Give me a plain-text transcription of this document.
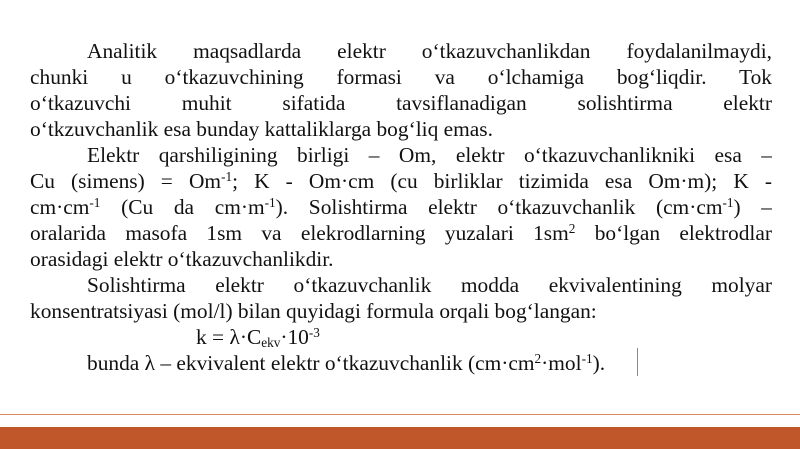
Analitik maqsadlarda elektr o‘tkazuvchanlikdan foydalanilmaydi,
chunki u o‘tkazuvchining formasi va o‘lchamiga bog‘liqdir. Tok
o‘tkazuvchi muhit sifatida tavsiflanadigan solishtirma elektr
o‘tkzuvchanlik esa bunday kattaliklarga bog‘liq emas.
Elektr qarshiligining birligi – Om, elektr o‘tkazuvchanlikniki esa –
Cu (simens) = $Om^{-1}$; K - Om·cm (cu birliklar tizimida esa Om·m); K -
$cm\cdot cm^{-1}$ (Cu da $cm\cdot m^{-1}$). Solishtirma elektr o‘tkazuvchanlik $(cm\cdot cm^{-1})$ –
oralarida masofa 1sm va elekrodlarning yuzalari $1sm^2$ bo‘lgan elektrodlar
orasidagi elektr o‘tkazuvchanlikdir.
Solishtirma elektr o‘tkazuvchanlik modda ekvivalentining molyar
konsentratsiyasi (mol/l) bilan quyidagi formula orqali bog‘langan:
$k = \lambda\cdot C_{ekv}\cdot 10^{-3}$
bunda λ – ekvivalent elektr o‘tkazuvchanlik $(cm\cdot cm^2\cdot mol^{-1})$.
